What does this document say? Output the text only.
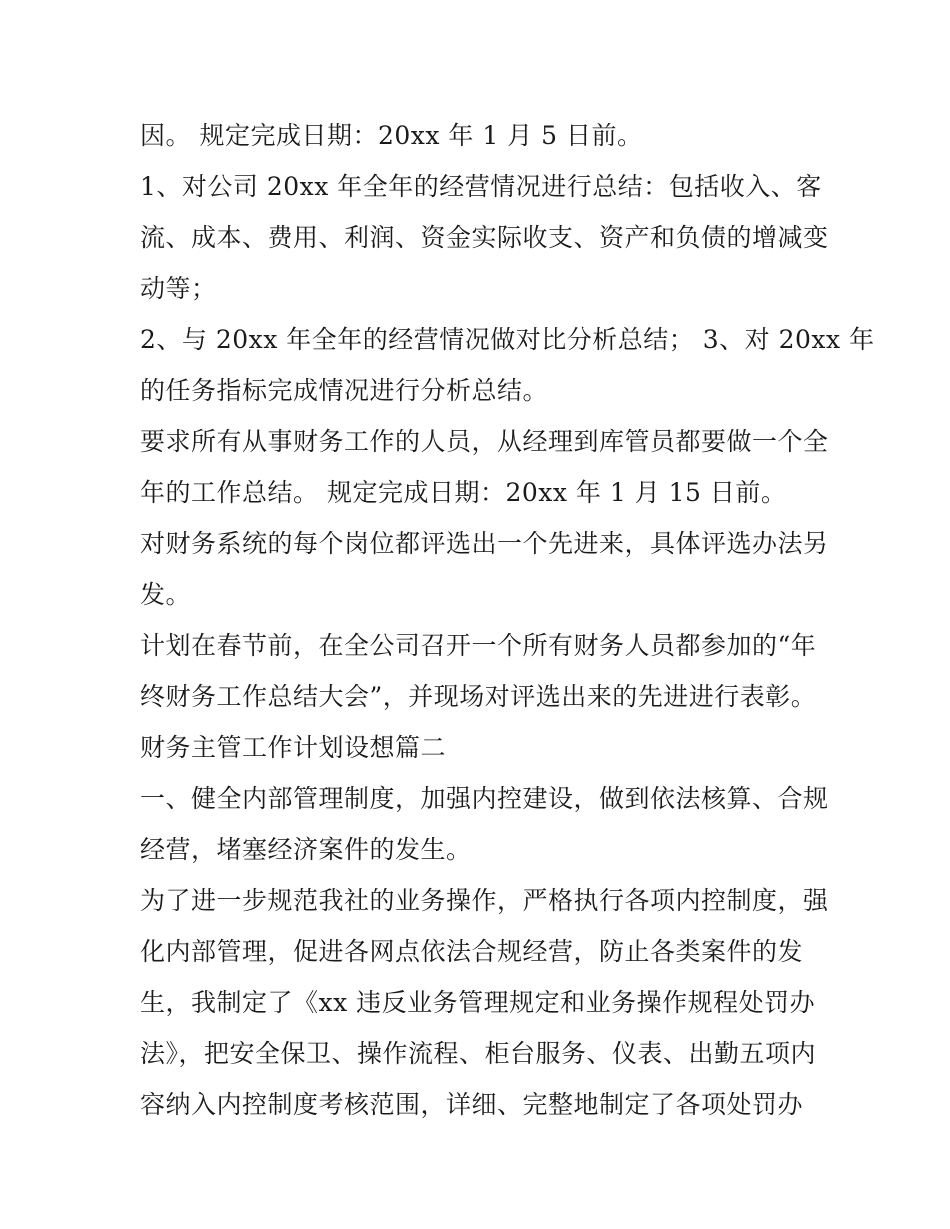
因。 规定完成日期：20xx 年 1 月 5 日前。
1、对公司 20xx 年全年的经营情况进行总结：包括收入、客
流、成本、费用、利润、资金实际收支、资产和负债的增减变
动等；
2、与 20xx 年全年的经营情况做对比分析总结； 3、对 20xx 年
的任务指标完成情况进行分析总结。
要求所有从事财务工作的人员，从经理到库管员都要做一个全
年的工作总结。 规定完成日期：20xx 年 1 月 15 日前。
对财务系统的每个岗位都评选出一个先进来，具体评选办法另
发。
计划在春节前，在全公司召开一个所有财务人员都参加的“年
终财务工作总结大会”，并现场对评选出来的先进进行表彰。
财务主管工作计划设想篇二
一、健全内部管理制度，加强内控建设，做到依法核算、合规
经营，堵塞经济案件的发生。
为了进一步规范我社的业务操作，严格执行各项内控制度，强
化内部管理，促进各网点依法合规经营，防止各类案件的发
生，我制定了《xx 违反业务管理规定和业务操作规程处罚办
法》，把安全保卫、操作流程、柜台服务、仪表、出勤五项内
容纳入内控制度考核范围，详细、完整地制定了各项处罚办
